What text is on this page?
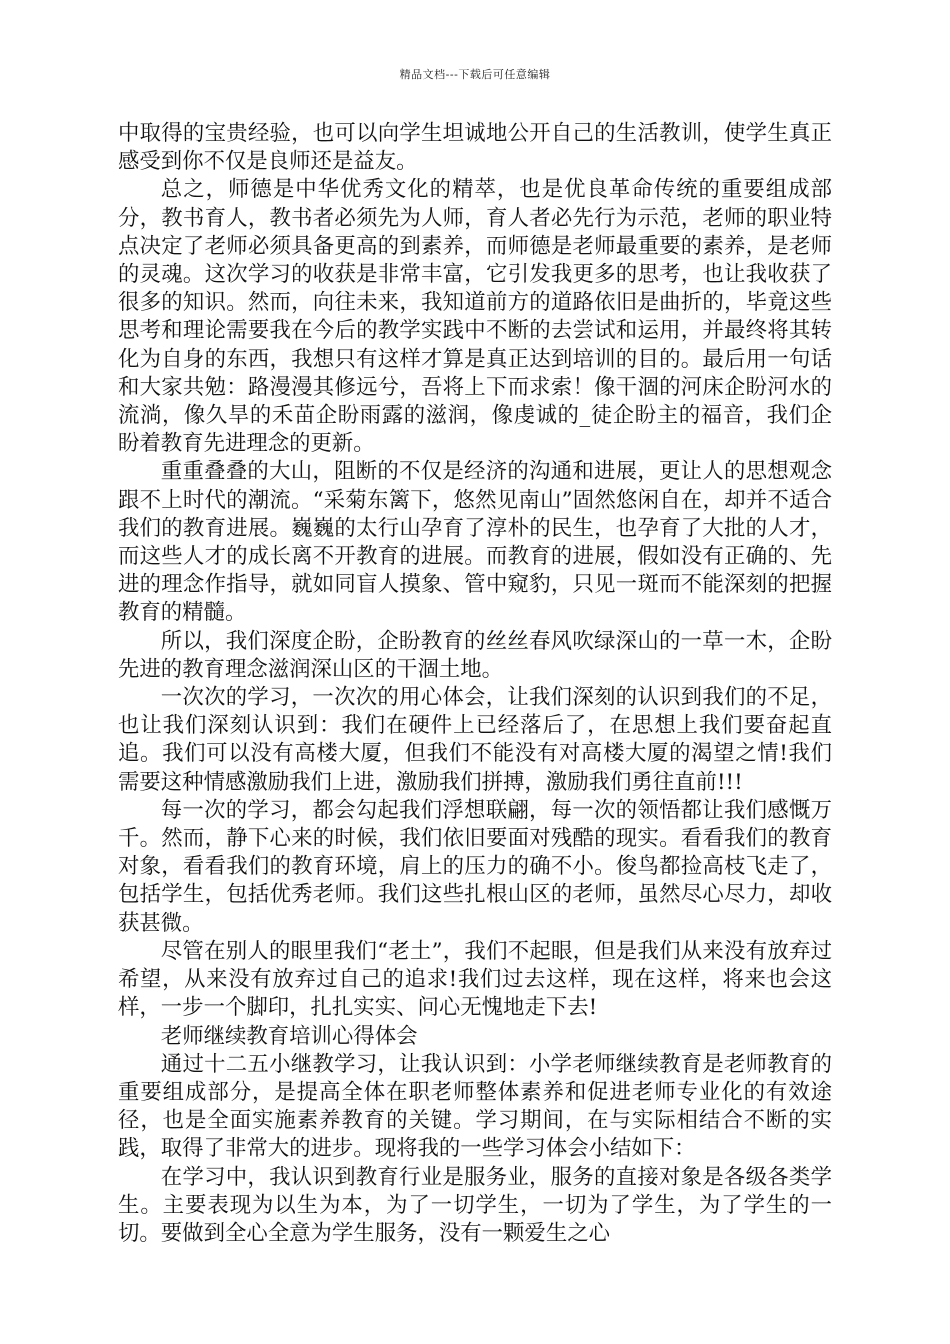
精品文档---下载后可任意编辑

中取得的宝贵经验，也可以向学生坦诚地公开自己的生活教训，使学生真正感受到你不仅是良师还是益友。

总之，师德是中华优秀文化的精萃，也是优良革命传统的重要组成部分，教书育人，教书者必须先为人师，育人者必先行为示范，老师的职业特点决定了老师必须具备更高的到素养，而师德是老师最重要的素养，是老师的灵魂。这次学习的收获是非常丰富，它引发我更多的思考，也让我收获了很多的知识。然而，向往未来，我知道前方的道路依旧是曲折的，毕竟这些思考和理论需要我在今后的教学实践中不断的去尝试和运用，并最终将其转化为自身的东西，我想只有这样才算是真正达到培训的目的。最后用一句话和大家共勉：路漫漫其修远兮，吾将上下而求索！像干涸的河床企盼河水的流淌，像久旱的禾苗企盼雨露的滋润，像虔诚的_徒企盼主的福音，我们企盼着教育先进理念的更新。

重重叠叠的大山，阻断的不仅是经济的沟通和进展，更让人的思想观念跟不上时代的潮流。“采菊东篱下，悠然见南山”固然悠闲自在，却并不适合我们的教育进展。巍巍的太行山孕育了淳朴的民生，也孕育了大批的人才，而这些人才的成长离不开教育的进展。而教育的进展，假如没有正确的、先进的理念作指导，就如同盲人摸象、管中窥豹，只见一斑而不能深刻的把握教育的精髓。

所以，我们深度企盼，企盼教育的丝丝春风吹绿深山的一草一木，企盼先进的教育理念滋润深山区的干涸土地。

一次次的学习，一次次的用心体会，让我们深刻的认识到我们的不足，也让我们深刻认识到：我们在硬件上已经落后了，在思想上我们要奋起直追。我们可以没有高楼大厦，但我们不能没有对高楼大厦的渴望之情!我们需要这种情感激励我们上进，激励我们拼搏，激励我们勇往直前!!!

每一次的学习，都会勾起我们浮想联翩，每一次的领悟都让我们感慨万千。然而，静下心来的时候，我们依旧要面对残酷的现实。看看我们的教育对象，看看我们的教育环境，肩上的压力的确不小。俊鸟都捡高枝飞走了，包括学生，包括优秀老师。我们这些扎根山区的老师，虽然尽心尽力，却收获甚微。

尽管在别人的眼里我们“老土”，我们不起眼，但是我们从来没有放弃过希望，从来没有放弃过自己的追求!我们过去这样，现在这样，将来也会这样，一步一个脚印，扎扎实实、问心无愧地走下去!

老师继续教育培训心得体会

通过十二五小继教学习，让我认识到：小学老师继续教育是老师教育的重要组成部分，是提高全体在职老师整体素养和促进老师专业化的有效途径，也是全面实施素养教育的关键。学习期间，在与实际相结合不断的实践，取得了非常大的进步。现将我的一些学习体会小结如下：

在学习中，我认识到教育行业是服务业，服务的直接对象是各级各类学生。主要表现为以生为本，为了一切学生，一切为了学生，为了学生的一切。要做到全心全意为学生服务，没有一颗爱生之心
